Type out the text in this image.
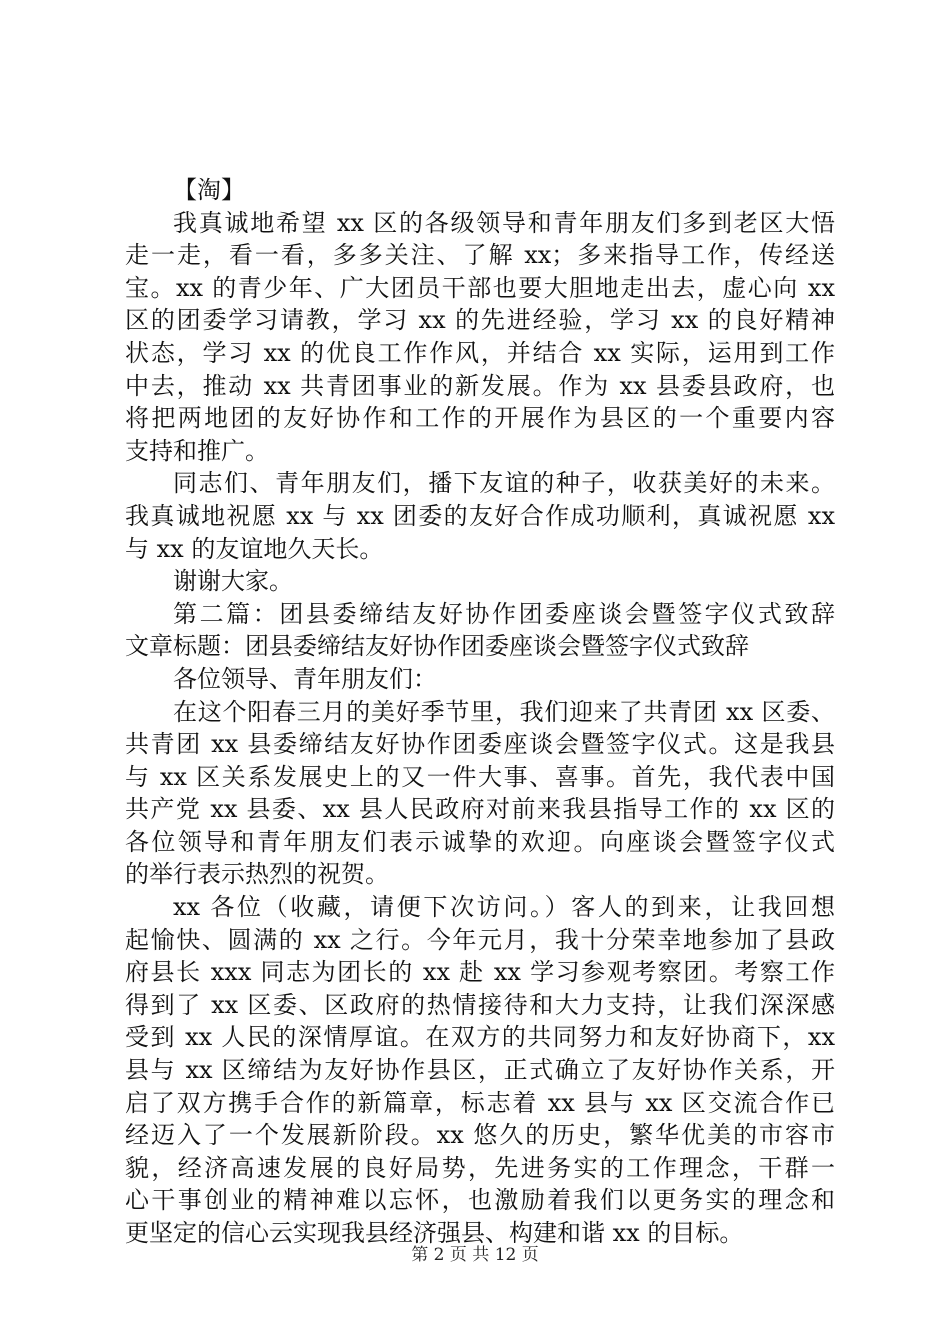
【淘】
我真诚地希望 xx 区的各级领导和青年朋友们多到老区大悟
走一走，看一看，多多关注、了解 xx；多来指导工作，传经送
宝。xx 的青少年、广大团员干部也要大胆地走出去，虚心向 xx
区的团委学习请教，学习 xx 的先进经验，学习 xx 的良好精神
状态，学习 xx 的优良工作作风，并结合 xx 实际，运用到工作
中去，推动 xx 共青团事业的新发展。作为 xx 县委县政府，也
将把两地团的友好协作和工作的开展作为县区的一个重要内容
支持和推广。
同志们、青年朋友们，播下友谊的种子，收获美好的未来。
我真诚地祝愿 xx 与 xx 团委的友好合作成功顺利，真诚祝愿 xx
与 xx 的友谊地久天长。
谢谢大家。
第二篇：团县委缔结友好协作团委座谈会暨签字仪式致辞
文章标题：团县委缔结友好协作团委座谈会暨签字仪式致辞
各位领导、青年朋友们：
在这个阳春三月的美好季节里，我们迎来了共青团 xx 区委、
共青团 xx 县委缔结友好协作团委座谈会暨签字仪式。这是我县
与 xx 区关系发展史上的又一件大事、喜事。首先，我代表中国
共产党 xx 县委、xx 县人民政府对前来我县指导工作的 xx 区的
各位领导和青年朋友们表示诚挚的欢迎。向座谈会暨签字仪式
的举行表示热烈的祝贺。
xx 各位（收藏，请便下次访问。）客人的到来，让我回想
起愉快、圆满的 xx 之行。今年元月，我十分荣幸地参加了县政
府县长 xxx 同志为团长的 xx 赴 xx 学习参观考察团。考察工作
得到了 xx 区委、区政府的热情接待和大力支持，让我们深深感
受到 xx 人民的深情厚谊。在双方的共同努力和友好协商下，xx
县与 xx 区缔结为友好协作县区，正式确立了友好协作关系，开
启了双方携手合作的新篇章，标志着 xx 县与 xx 区交流合作已
经迈入了一个发展新阶段。xx 悠久的历史，繁华优美的市容市
貌，经济高速发展的良好局势，先进务实的工作理念，干群一
心干事创业的精神难以忘怀，也激励着我们以更务实的理念和
更坚定的信心云实现我县经济强县、构建和谐 xx 的目标。
第 2 页 共 12 页
